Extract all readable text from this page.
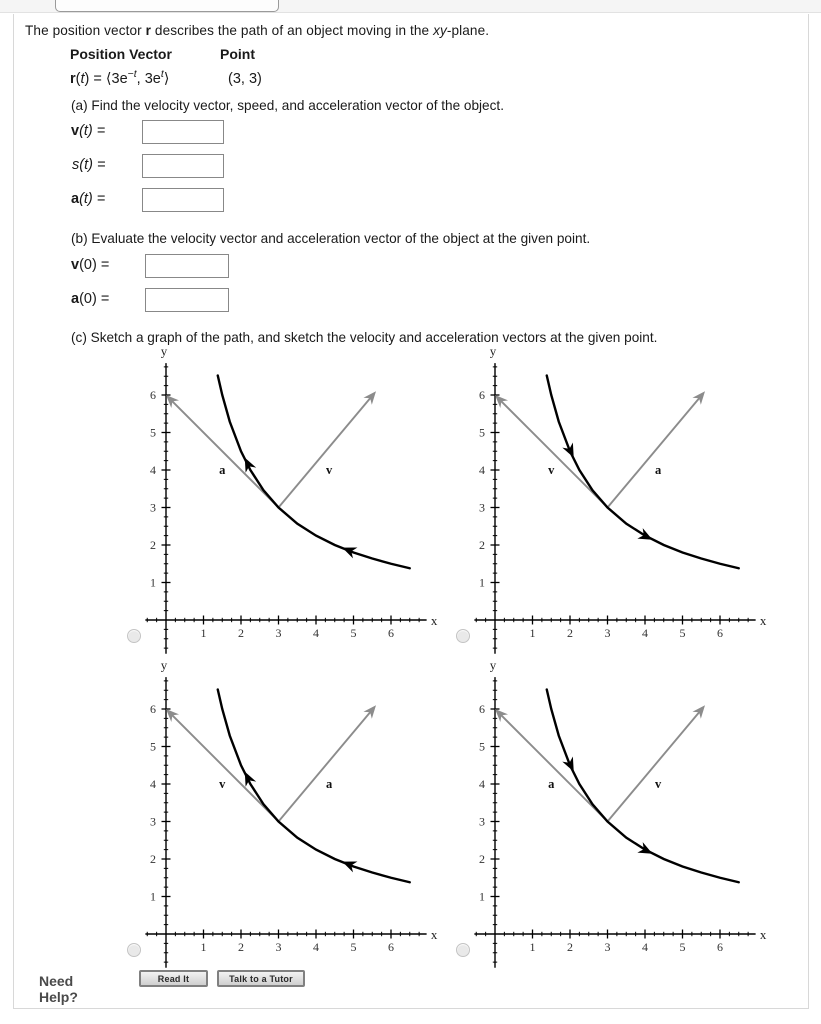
The position vector r describes the path of an object moving in the xy-plane.
Position Vector	Point
$r(t) = ⟨3e^{-t}$, $3e^t⟩$	(3, 3)
(a) Find the velocity vector, speed, and acceleration vector of the object.
v(t) =
s(t) =
a(t) =
(b) Evaluate the velocity vector and acceleration vector of the object at the given point.
v(0) =
a(0) =
(c) Sketch a graph of the path, and sketch the velocity and acceleration vectors at the given point.
1	2	3	4	5	6
1
2
3
4
5
6
x
y
a	v
1	2	3	4	5	6
1
2
3
4
5
6
x
y
v	a
1	2	3	4	5	6
1
2
3
4
5
6
x
y
v	a
1	2	3	4	5	6
1
2
3
4
5
6
x
y
a	v
Need Help?
Read It	Talk to a Tutor
